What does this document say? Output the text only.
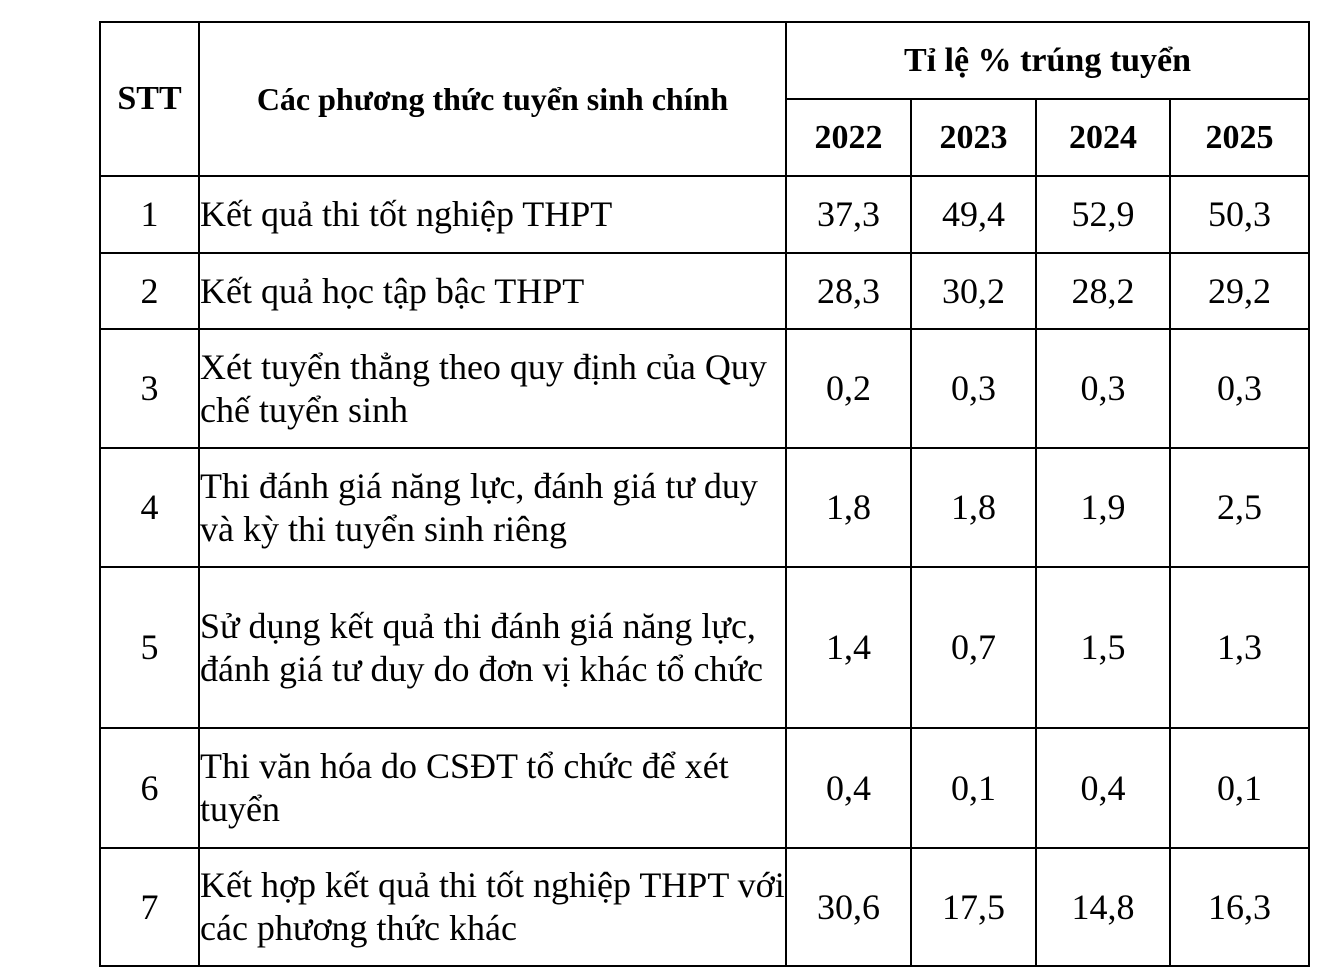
STT	Các phương thức tuyển sinh chính	Tỉ lệ % trúng tuyển			
		2022	2023	2024	2025
1	Kết quả thi tốt nghiệp THPT	37,3	49,4	52,9	50,3
2	Kết quả học tập bậc THPT	28,3	30,2	28,2	29,2
3	Xét tuyển thẳng theo quy định của Quy chế tuyển sinh	0,2	0,3	0,3	0,3
4	Thi đánh giá năng lực, đánh giá tư duy và kỳ thi tuyển sinh riêng	1,8	1,8	1,9	2,5
5	Sử dụng kết quả thi đánh giá năng lực, đánh giá tư duy do đơn vị khác tổ chức	1,4	0,7	1,5	1,3
6	Thi văn hóa do CSĐT tổ chức để xét tuyển	0,4	0,1	0,4	0,1
7	Kết hợp kết quả thi tốt nghiệp THPT với các phương thức khác	30,6	17,5	14,8	16,3
